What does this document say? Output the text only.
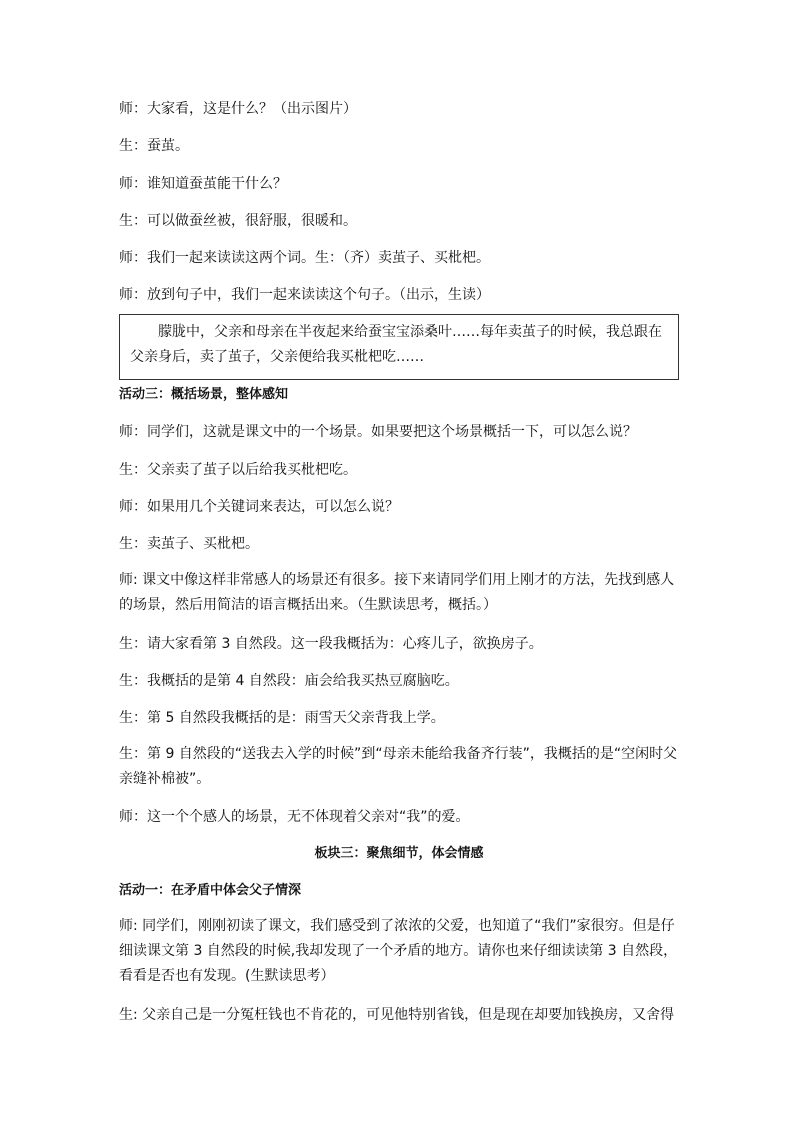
师：大家看，这是什么？（出示图片）
生：蚕茧。
师：谁知道蚕茧能干什么？
生：可以做蚕丝被，很舒服，很暖和。
师：我们一起来读读这两个词。生：（齐）卖茧子、买枇杷。
师：放到句子中，我们一起来读读这个句子。（出示，生读）
朦胧中，父亲和母亲在半夜起来给蚕宝宝添桑叶……每年卖茧子的时候，我总跟在父亲身后，卖了茧子，父亲便给我买枇杷吃……
活动三：概括场景，整体感知
师：同学们，这就是课文中的一个场景。如果要把这个场景概括一下，可以怎么说？
生：父亲卖了茧子以后给我买枇杷吃。
师：如果用几个关键词来表达，可以怎么说？
生：卖茧子、买枇杷。
师: 课文中像这样非常感人的场景还有很多。接下来请同学们用上刚才的方法，先找到感人的场景，然后用简洁的语言概括出来。（生默读思考，概括。）
生：请大家看第 3 自然段。这一段我概括为：心疼儿子，欲换房子。
生：我概括的是第 4 自然段：庙会给我买热豆腐脑吃。
生：第 5 自然段我概括的是：雨雪天父亲背我上学。
生：第 9 自然段的“送我去入学的时候”到“母亲未能给我备齐行装”，我概括的是“空闲时父亲缝补棉被”。
师：这一个个感人的场景，无不体现着父亲对“我”的爱。
板块三：聚焦细节，体会情感
活动一：在矛盾中体会父子情深
师: 同学们，刚刚初读了课文，我们感受到了浓浓的父爱，也知道了“我们”家很穷。但是仔细读课文第 3 自然段的时候,我却发现了一个矛盾的地方。请你也来仔细读读第 3 自然段，看看是否也有发现。(生默读思考）
生: 父亲自己是一分冤枉钱也不肯花的，可见他特别省钱，但是现在却要加钱换房，又舍得
